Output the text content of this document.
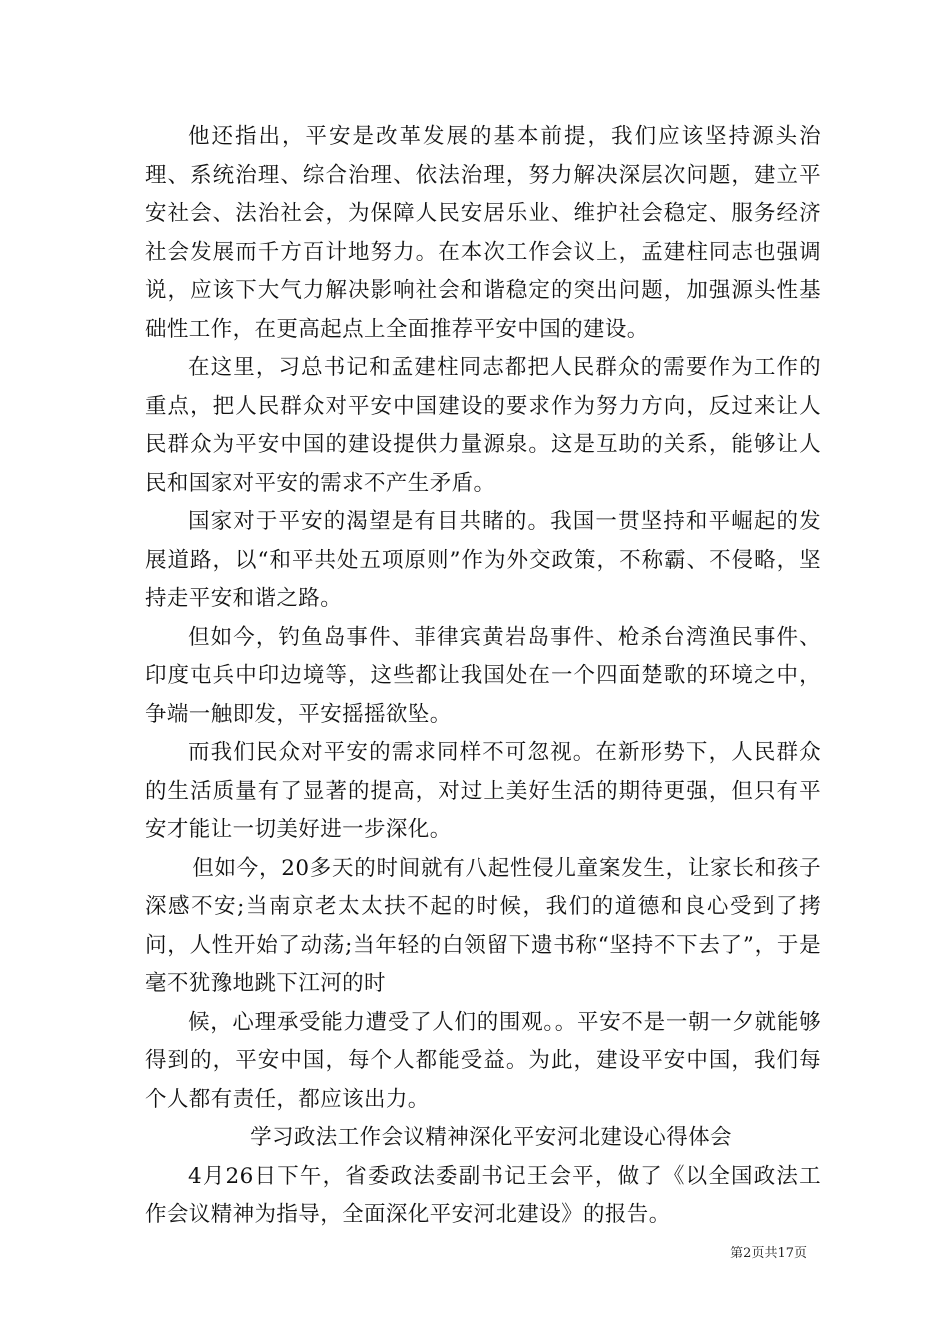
他还指出，平安是改革发展的基本前提，我们应该坚持源头治理、系统治理、综合治理、依法治理，努力解决深层次问题，建立平安社会、法治社会，为保障人民安居乐业、维护社会稳定、服务经济社会发展而千方百计地努力。在本次工作会议上，孟建柱同志也强调说，应该下大气力解决影响社会和谐稳定的突出问题，加强源头性基础性工作，在更高起点上全面推荐平安中国的建设。

在这里，习总书记和孟建柱同志都把人民群众的需要作为工作的重点，把人民群众对平安中国建设的要求作为努力方向，反过来让人民群众为平安中国的建设提供力量源泉。这是互助的关系，能够让人民和国家对平安的需求不产生矛盾。

国家对于平安的渴望是有目共睹的。我国一贯坚持和平崛起的发展道路，以“和平共处五项原则”作为外交政策，不称霸、不侵略，坚持走平安和谐之路。

但如今，钓鱼岛事件、菲律宾黄岩岛事件、枪杀台湾渔民事件、印度屯兵中印边境等，这些都让我国处在一个四面楚歌的环境之中，争端一触即发，平安摇摇欲坠。

而我们民众对平安的需求同样不可忽视。在新形势下，人民群众的生活质量有了显著的提高，对过上美好生活的期待更强，但只有平安才能让一切美好进一步深化。

但如今，20多天的时间就有八起性侵儿童案发生，让家长和孩子深感不安;当南京老太太扶不起的时候，我们的道德和良心受到了拷问，人性开始了动荡;当年轻的白领留下遗书称“坚持不下去了”，于是毫不犹豫地跳下江河的时

候，心理承受能力遭受了人们的围观。。平安不是一朝一夕就能够得到的，平安中国，每个人都能受益。为此，建设平安中国，我们每个人都有责任，都应该出力。

学习政法工作会议精神深化平安河北建设心得体会

4月26日下午，省委政法委副书记王会平，做了《以全国政法工作会议精神为指导，全面深化平安河北建设》的报告。

第2页共17页
